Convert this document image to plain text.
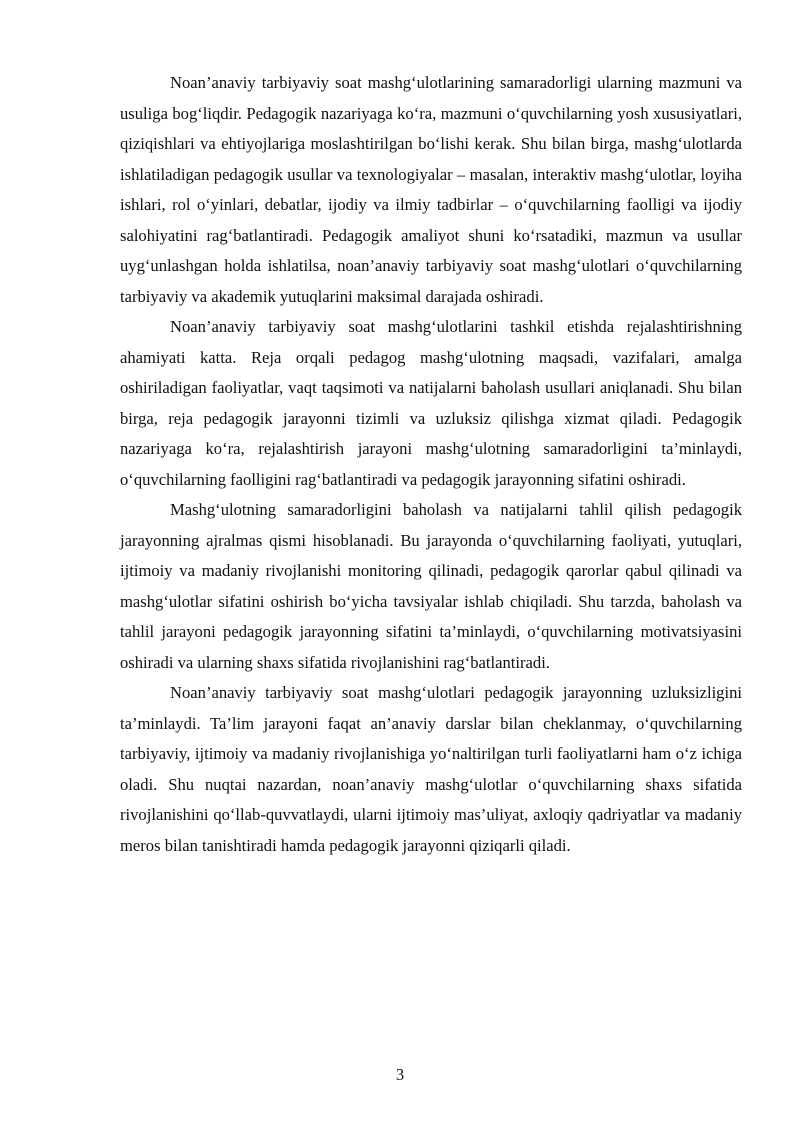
Noan’anaviy tarbiyaviy soat mashg‘ulotlarining samaradorligi ularning mazmuni va usuliga bog‘liqdir. Pedagogik nazariyaga ko‘ra, mazmuni o‘quvchilarning yosh xususiyatlari, qiziqishlari va ehtiyojlariga moslashtirilgan bo‘lishi kerak. Shu bilan birga, mashg‘ulotlarda ishlatiladigan pedagogik usullar va texnologiyalar – masalan, interaktiv mashg‘ulotlar, loyiha ishlari, rol o‘yinlari, debatlar, ijodiy va ilmiy tadbirlar – o‘quvchilarning faolligi va ijodiy salohiyatini rag‘batlantiradi. Pedagogik amaliyot shuni ko‘rsatadiki, mazmun va usullar uyg‘unlashgan holda ishlatilsa, noan’anaviy tarbiyaviy soat mashg‘ulotlari o‘quvchilarning tarbiyaviy va akademik yutuqlarini maksimal darajada oshiradi.

Noan’anaviy tarbiyaviy soat mashg‘ulotlarini tashkil etishda rejalashtirishning ahamiyati katta. Reja orqali pedagog mashg‘ulotning maqsadi, vazifalari, amalga oshiriladigan faoliyatlar, vaqt taqsimoti va natijalarni baholash usullari aniqlanadi. Shu bilan birga, reja pedagogik jarayonni tizimli va uzluksiz qilishga xizmat qiladi. Pedagogik nazariyaga ko‘ra, rejalashtirish jarayoni mashg‘ulotning samaradorligini ta’minlaydi, o‘quvchilarning faolligini rag‘batlantiradi va pedagogik jarayonning sifatini oshiradi.

Mashg‘ulotning samaradorligini baholash va natijalarni tahlil qilish pedagogik jarayonning ajralmas qismi hisoblanadi. Bu jarayonda o‘quvchilarning faoliyati, yutuqlari, ijtimoiy va madaniy rivojlanishi monitoring qilinadi, pedagogik qarorlar qabul qilinadi va mashg‘ulotlar sifatini oshirish bo‘yicha tavsiyalar ishlab chiqiladi. Shu tarzda, baholash va tahlil jarayoni pedagogik jarayonning sifatini ta’minlaydi, o‘quvchilarning motivatsiyasini oshiradi va ularning shaxs sifatida rivojlanishini rag‘batlantiradi.

Noan’anaviy tarbiyaviy soat mashg‘ulotlari pedagogik jarayonning uzluksizligini ta’minlaydi. Ta’lim jarayoni faqat an’anaviy darslar bilan cheklanmay, o‘quvchilarning tarbiyaviy, ijtimoiy va madaniy rivojlanishiga yo‘naltirilgan turli faoliyatlarni ham o‘z ichiga oladi. Shu nuqtai nazardan, noan’anaviy mashg‘ulotlar o‘quvchilarning shaxs sifatida rivojlanishini qo‘llab-quvvatlaydi, ularni ijtimoiy mas’uliyat, axloqiy qadriyatlar va madaniy meros bilan tanishtiradi hamda pedagogik jarayonni qiziqarli qiladi.

3
